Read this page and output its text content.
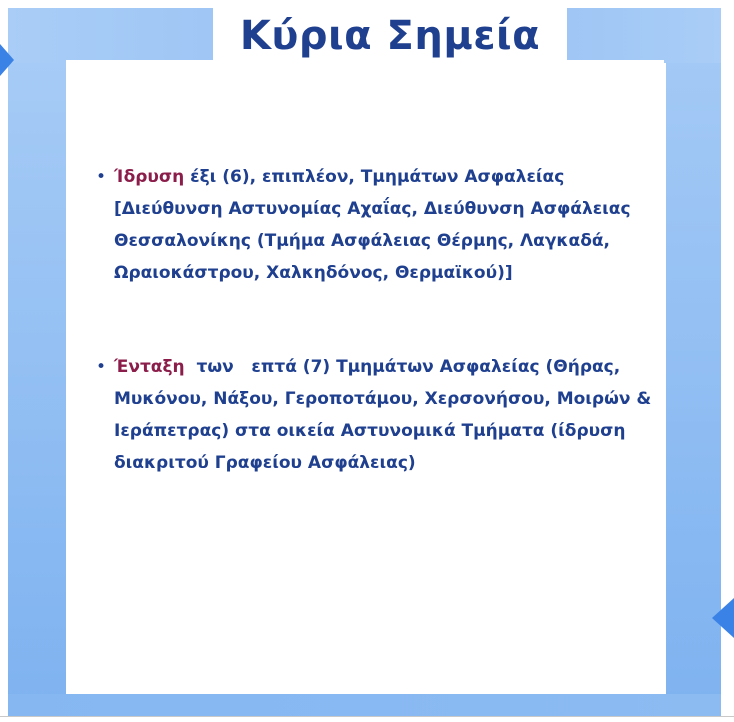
Κύρια Σημεία
• Ίδρυση έξι (6), επιπλέον, Τμημάτων Ασφαλείας [Διεύθυνση Αστυνομίας Αχαΐας, Διεύθυνση Ασφάλειας Θεσσαλονίκης (Τμήμα Ασφάλειας Θέρμης, Λαγκαδά, Ωραιοκάστρου, Χαλκηδόνος, Θερμαϊκού)]
• Ένταξη  των   επτά (7) Τμημάτων Ασφαλείας (Θήρας, Μυκόνου, Νάξου, Γεροποτάμου, Χερσονήσου, Μοιρών & Ιεράπετρας) στα οικεία Αστυνομικά Τμήματα (ίδρυση διακριτού Γραφείου Ασφάλειας)
